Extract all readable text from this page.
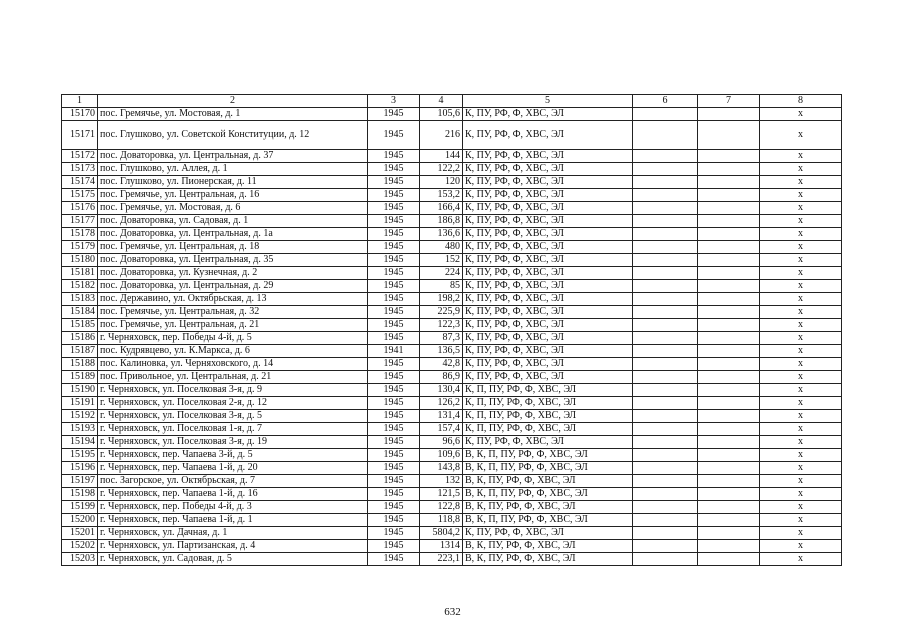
1	2	3	4	5	6	7	8
15170	пос. Гремячье, ул. Мостовая, д. 1	1945	105,6	К, ПУ, РФ, Ф, ХВС, ЭЛ			х
15171	пос. Глушково, ул. Советской Конституции, д. 12	1945	216	К, ПУ, РФ, Ф, ХВС, ЭЛ			х
15172	пос. Доваторовка, ул. Центральная, д. 37	1945	144	К, ПУ, РФ, Ф, ХВС, ЭЛ			х
15173	пос. Глушково, ул. Аллея, д. 1	1945	122,2	К, ПУ, РФ, Ф, ХВС, ЭЛ			х
15174	пос. Глушково, ул. Пионерская, д. 11	1945	120	К, ПУ, РФ, Ф, ХВС, ЭЛ			х
15175	пос. Гремячье, ул. Центральная, д. 16	1945	153,2	К, ПУ, РФ, Ф, ХВС, ЭЛ			х
15176	пос. Гремячье, ул. Мостовая, д. 6	1945	166,4	К, ПУ, РФ, Ф, ХВС, ЭЛ			х
15177	пос. Доваторовка, ул. Садовая, д. 1	1945	186,8	К, ПУ, РФ, Ф, ХВС, ЭЛ			х
15178	пос. Доваторовка, ул. Центральная, д. 1а	1945	136,6	К, ПУ, РФ, Ф, ХВС, ЭЛ			х
15179	пос. Гремячье, ул. Центральная, д. 18	1945	480	К, ПУ, РФ, Ф, ХВС, ЭЛ			х
15180	пос. Доваторовка, ул. Центральная, д. 35	1945	152	К, ПУ, РФ, Ф, ХВС, ЭЛ			х
15181	пос. Доваторовка, ул. Кузнечная, д. 2	1945	224	К, ПУ, РФ, Ф, ХВС, ЭЛ			х
15182	пос. Доваторовка, ул. Центральная, д. 29	1945	85	К, ПУ, РФ, Ф, ХВС, ЭЛ			х
15183	пос. Державино, ул. Октябрьская, д. 13	1945	198,2	К, ПУ, РФ, Ф, ХВС, ЭЛ			х
15184	пос. Гремячье, ул. Центральная, д. 32	1945	225,9	К, ПУ, РФ, Ф, ХВС, ЭЛ			х
15185	пос. Гремячье, ул. Центральная, д. 21	1945	122,3	К, ПУ, РФ, Ф, ХВС, ЭЛ			х
15186	г. Черняховск, пер. Победы 4-й, д. 5	1945	87,3	К, ПУ, РФ, Ф, ХВС, ЭЛ			х
15187	пос. Кудрявцево, ул. К.Маркса, д. 6	1941	136,5	К, ПУ, РФ, Ф, ХВС, ЭЛ			х
15188	пос. Калиновка, ул. Черняховского, д. 14	1945	42,8	К, ПУ, РФ, Ф, ХВС, ЭЛ			х
15189	пос. Привольное, ул. Центральная, д. 21	1945	86,9	К, ПУ, РФ, Ф, ХВС, ЭЛ			х
15190	г. Черняховск, ул. Поселковая 3-я, д. 9	1945	130,4	К, П, ПУ, РФ, Ф, ХВС, ЭЛ			х
15191	г. Черняховск, ул. Поселковая 2-я, д. 12	1945	126,2	К, П, ПУ, РФ, Ф, ХВС, ЭЛ			х
15192	г. Черняховск, ул. Поселковая 3-я, д. 5	1945	131,4	К, П, ПУ, РФ, Ф, ХВС, ЭЛ			х
15193	г. Черняховск, ул. Поселковая 1-я, д. 7	1945	157,4	К, П, ПУ, РФ, Ф, ХВС, ЭЛ			х
15194	г. Черняховск, ул. Поселковая 3-я, д. 19	1945	96,6	К, ПУ, РФ, Ф, ХВС, ЭЛ			х
15195	г. Черняховск, пер. Чапаева 3-й, д. 5	1945	109,6	В, К, П, ПУ, РФ, Ф, ХВС, ЭЛ			х
15196	г. Черняховск, пер. Чапаева 1-й, д. 20	1945	143,8	В, К, П, ПУ, РФ, Ф, ХВС, ЭЛ			х
15197	пос. Загорское, ул. Октябрьская, д. 7	1945	132	В, К, ПУ, РФ, Ф, ХВС, ЭЛ			х
15198	г. Черняховск, пер. Чапаева 1-й, д. 16	1945	121,5	В, К, П, ПУ, РФ, Ф, ХВС, ЭЛ			х
15199	г. Черняховск, пер. Победы 4-й, д. 3	1945	122,8	В, К, ПУ, РФ, Ф, ХВС, ЭЛ			х
15200	г. Черняховск, пер. Чапаева 1-й, д. 1	1945	118,8	В, К, П, ПУ, РФ, Ф, ХВС, ЭЛ			х
15201	г. Черняховск, ул. Дачная, д. 1	1945	5804,2	К, ПУ, РФ, Ф, ХВС, ЭЛ			х
15202	г. Черняховск, ул. Партизанская, д. 4	1945	1314	В, К, ПУ, РФ, Ф, ХВС, ЭЛ			х
15203	г. Черняховск, ул. Садовая, д. 5	1945	223,1	В, К, ПУ, РФ, Ф, ХВС, ЭЛ			х
632
